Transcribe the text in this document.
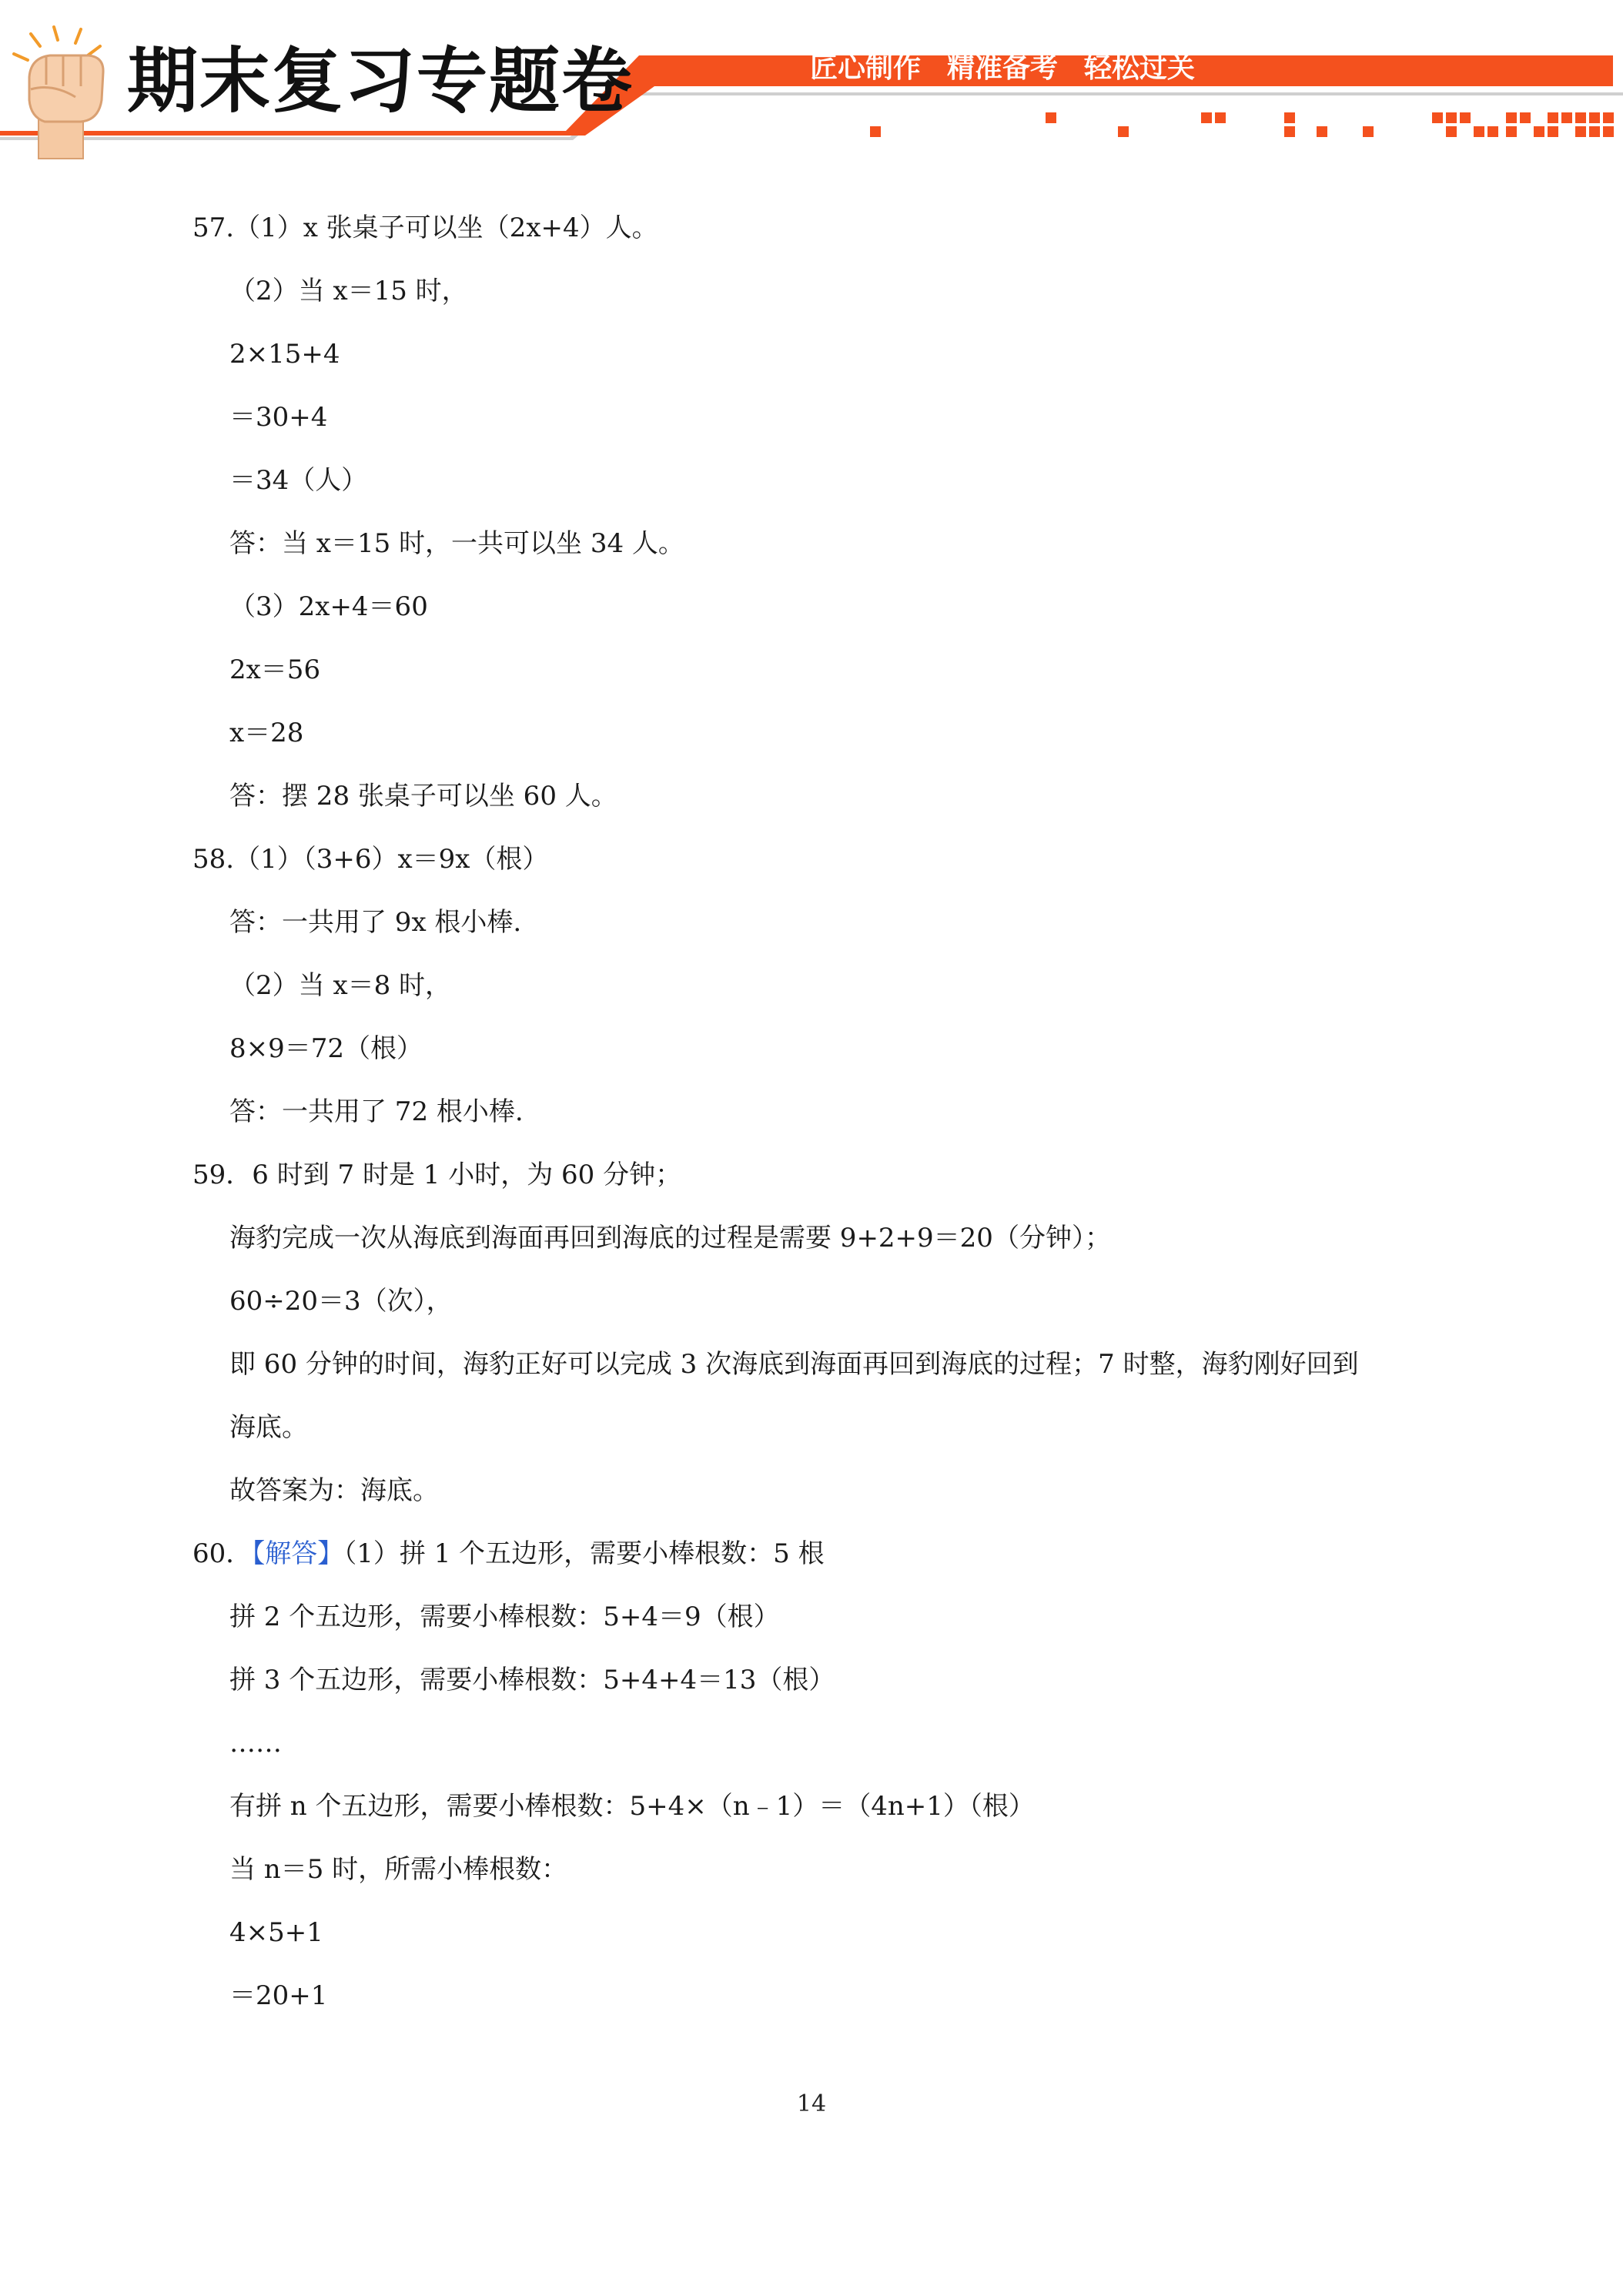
期末复习专题卷	匠心制作 精准备考 轻松过关
57.（1）x 张桌子可以坐（2x+4）人。
（2）当 x＝15 时，
2×15+4
＝30+4
＝34（人）
答：当 x＝15 时，一共可以坐 34 人。
（3）2x+4＝60
2x＝56
x＝28
答：摆 28 张桌子可以坐 60 人。
58.（1）（3+6）x＝9x（根）
答：一共用了 9x 根小棒.
（2）当 x＝8 时，
8×9＝72（根）
答：一共用了 72 根小棒.
59．6 时到 7 时是 1 小时，为 60 分钟；
海豹完成一次从海底到海面再回到海底的过程是需要 9+2+9＝20（分钟）；
60÷20＝3（次），
即 60 分钟的时间，海豹正好可以完成 3 次海底到海面再回到海底的过程；7 时整，海豹刚好回到
海底。
故答案为：海底。
60．【解答】（1）拼 1 个五边形，需要小棒根数：5 根
拼 2 个五边形，需要小棒根数：5+4＝9（根）
拼 3 个五边形，需要小棒根数：5+4+4＝13（根）
……
有拼 n 个五边形，需要小棒根数：5+4×（n﹣1）＝（4n+1）（根）
当 n＝5 时，所需小棒根数：
4×5+1
＝20+1
14
